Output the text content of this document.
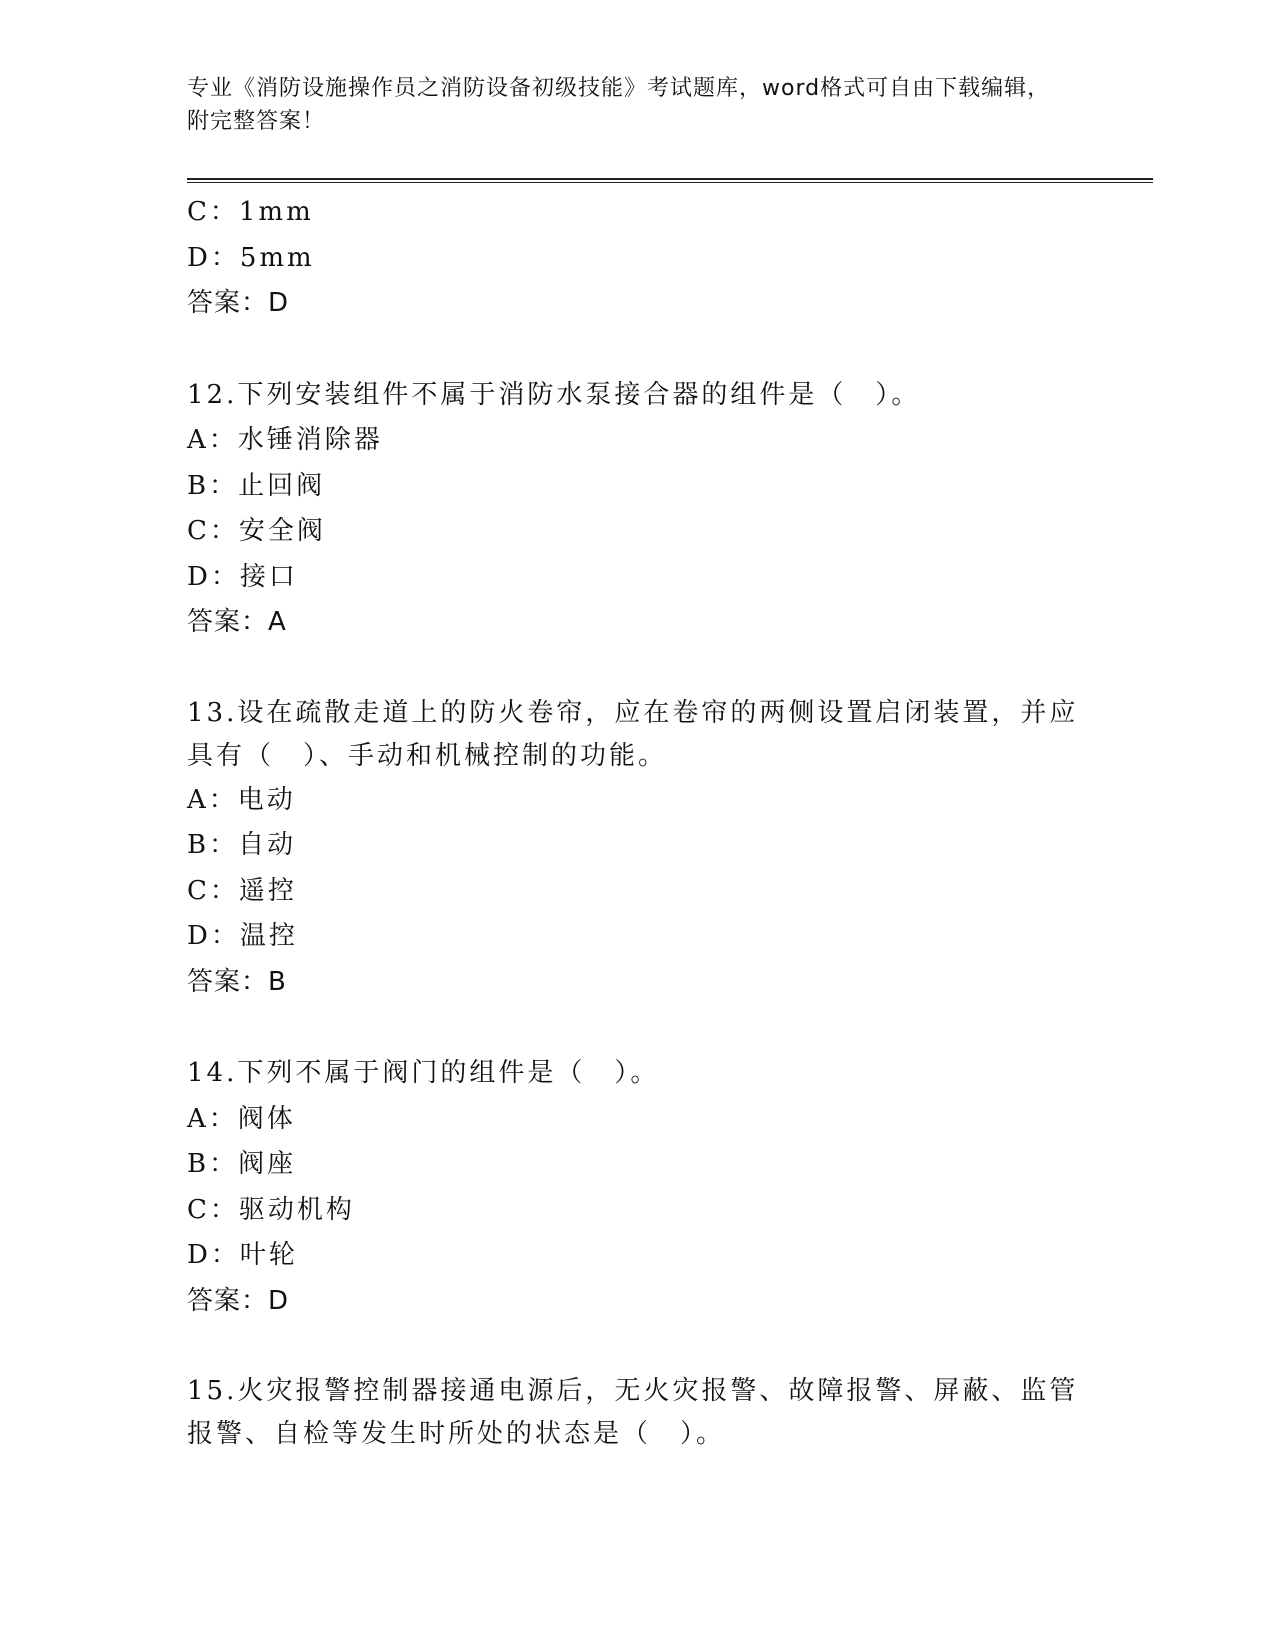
专业《消防设施操作员之消防设备初级技能》考试题库，word格式可自由下载编辑，附完整答案！
C：1mm
D：5mm
答案：D
12.下列安装组件不属于消防水泵接合器的组件是（　）。
A：水锤消除器
B：止回阀
C：安全阀
D：接口
答案：A
13.设在疏散走道上的防火卷帘，应在卷帘的两侧设置启闭装置，并应具有（　）、手动和机械控制的功能。
A：电动
B：自动
C：遥控
D：温控
答案：B
14.下列不属于阀门的组件是（　）。
A：阀体
B：阀座
C：驱动机构
D：叶轮
答案：D
15.火灾报警控制器接通电源后，无火灾报警、故障报警、屏蔽、监管报警、自检等发生时所处的状态是（　）。
